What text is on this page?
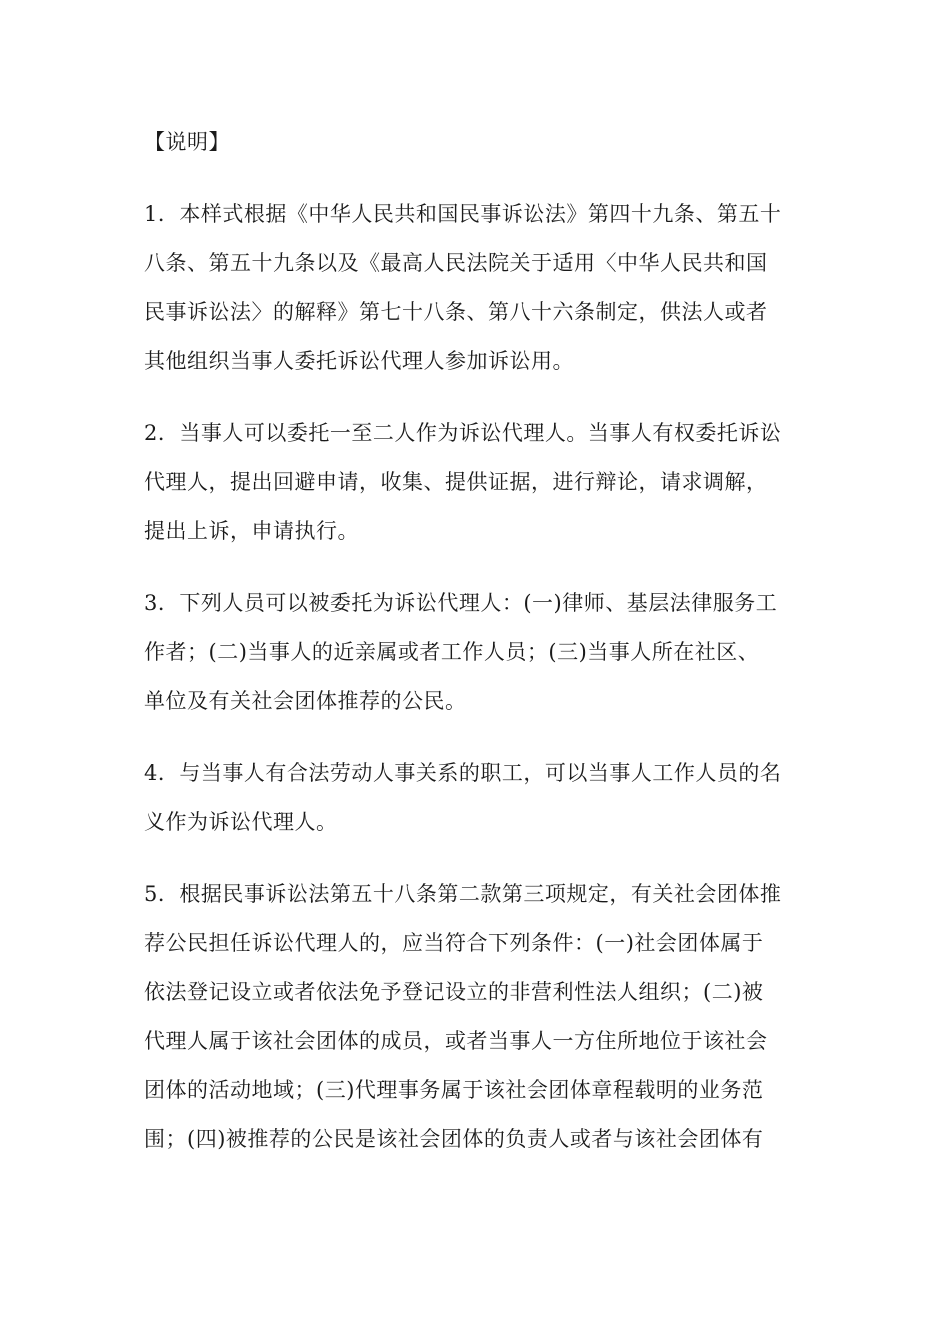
【说明】
1．本样式根据《中华人民共和国民事诉讼法》第四十九条、第五十
八条、第五十九条以及《最高人民法院关于适用〈中华人民共和国
民事诉讼法〉的解释》第七十八条、第八十六条制定，供法人或者
其他组织当事人委托诉讼代理人参加诉讼用。
2．当事人可以委托一至二人作为诉讼代理人。当事人有权委托诉讼
代理人，提出回避申请，收集、提供证据，进行辩论，请求调解，
提出上诉，申请执行。
3．下列人员可以被委托为诉讼代理人：(一)律师、基层法律服务工
作者；(二)当事人的近亲属或者工作人员；(三)当事人所在社区、
单位及有关社会团体推荐的公民。
4．与当事人有合法劳动人事关系的职工，可以当事人工作人员的名
义作为诉讼代理人。
5．根据民事诉讼法第五十八条第二款第三项规定，有关社会团体推
荐公民担任诉讼代理人的，应当符合下列条件：(一)社会团体属于
依法登记设立或者依法免予登记设立的非营利性法人组织；(二)被
代理人属于该社会团体的成员，或者当事人一方住所地位于该社会
团体的活动地域；(三)代理事务属于该社会团体章程载明的业务范
围；(四)被推荐的公民是该社会团体的负责人或者与该社会团体有
